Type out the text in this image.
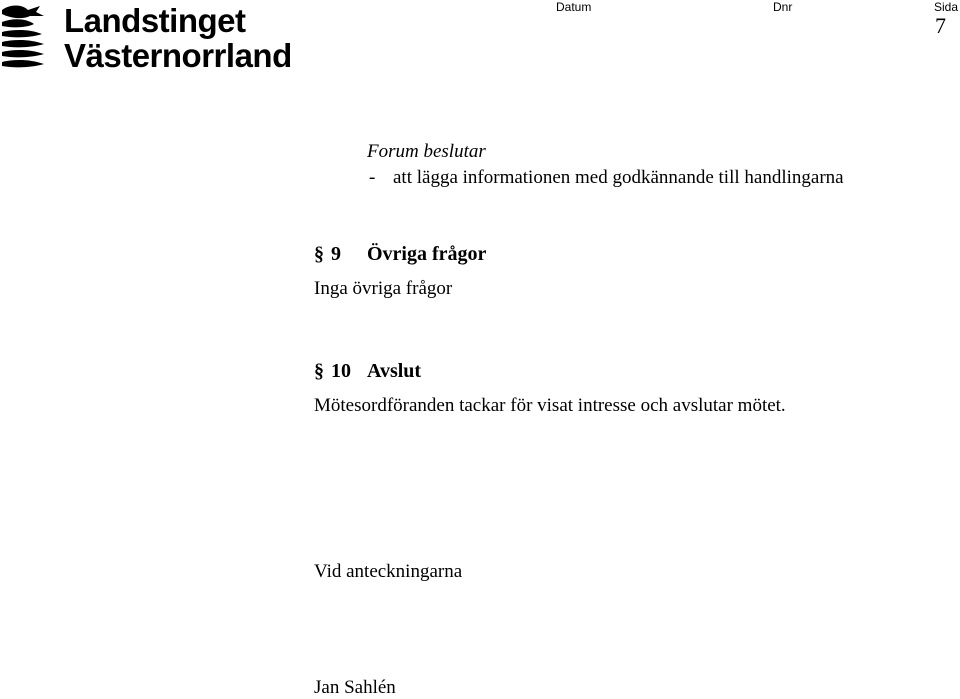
Landstinget
Västernorrland
Datum	Dnr	Sida
7
Forum beslutar
- att lägga informationen med godkännande till handlingarna
§ 9 Övriga frågor
Inga övriga frågor
§ 10 Avslut
Mötesordföranden tackar för visat intresse och avslutar mötet.
Vid anteckningarna
Jan Sahlén
